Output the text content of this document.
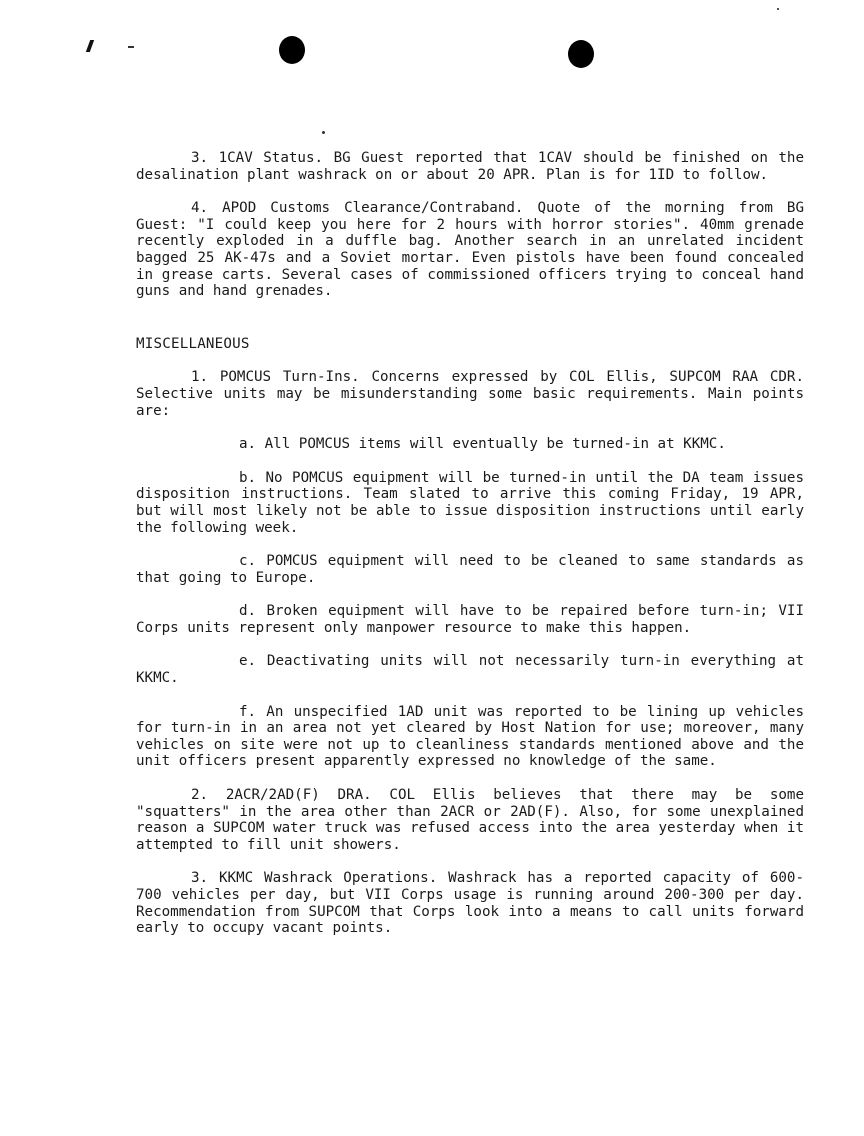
3. 1CAV Status. BG Guest reported that 1CAV should be finished on the desalination plant washrack on or about 20 APR. Plan is for 1ID to follow.

4. APOD Customs Clearance/Contraband. Quote of the morning from BG Guest: "I could keep you here for 2 hours with horror stories". 40mm grenade recently exploded in a duffle bag. Another search in an unrelated incident bagged 25 AK-47s and a Soviet mortar. Even pistols have been found concealed in grease carts. Several cases of commissioned officers trying to conceal hand guns and hand grenades.

MISCELLANEOUS

1. POMCUS Turn-Ins. Concerns expressed by COL Ellis, SUPCOM RAA CDR. Selective units may be misunderstanding some basic requirements. Main points are:

a. All POMCUS items will eventually be turned-in at KKMC.

b. No POMCUS equipment will be turned-in until the DA team issues disposition instructions. Team slated to arrive this coming Friday, 19 APR, but will most likely not be able to issue disposition instructions until early the following week.

c. POMCUS equipment will need to be cleaned to same standards as that going to Europe.

d. Broken equipment will have to be repaired before turn-in; VII Corps units represent only manpower resource to make this happen.

e. Deactivating units will not necessarily turn-in everything at KKMC.

f. An unspecified 1AD unit was reported to be lining up vehicles for turn-in in an area not yet cleared by Host Nation for use; moreover, many vehicles on site were not up to cleanliness standards mentioned above and the unit officers present apparently expressed no knowledge of the same.

2. 2ACR/2AD(F) DRA. COL Ellis believes that there may be some "squatters" in the area other than 2ACR or 2AD(F). Also, for some unexplained reason a SUPCOM water truck was refused access into the area yesterday when it attempted to fill unit showers.

3. KKMC Washrack Operations. Washrack has a reported capacity of 600-700 vehicles per day, but VII Corps usage is running around 200-300 per day. Recommendation from SUPCOM that Corps look into a means to call units forward early to occupy vacant points.
